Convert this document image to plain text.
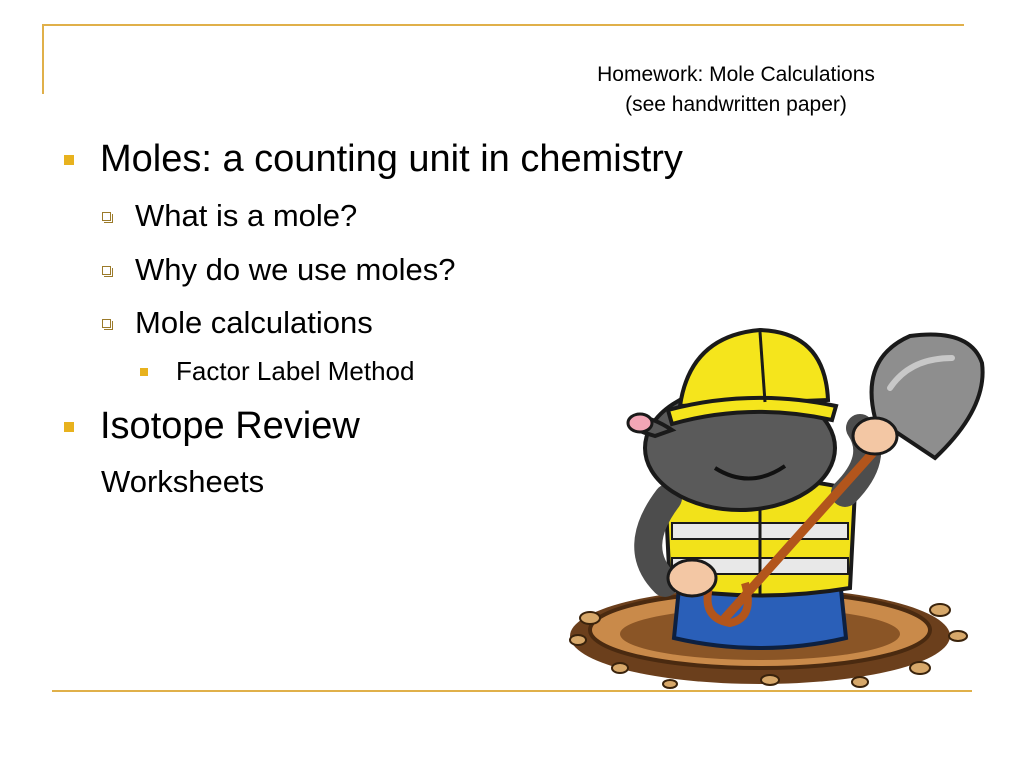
Homework: Mole Calculations
(see handwritten paper)
Moles: a counting unit in chemistry
What is a mole?
Why do we use moles?
Mole calculations
Factor Label Method
Isotope Review
Worksheets
